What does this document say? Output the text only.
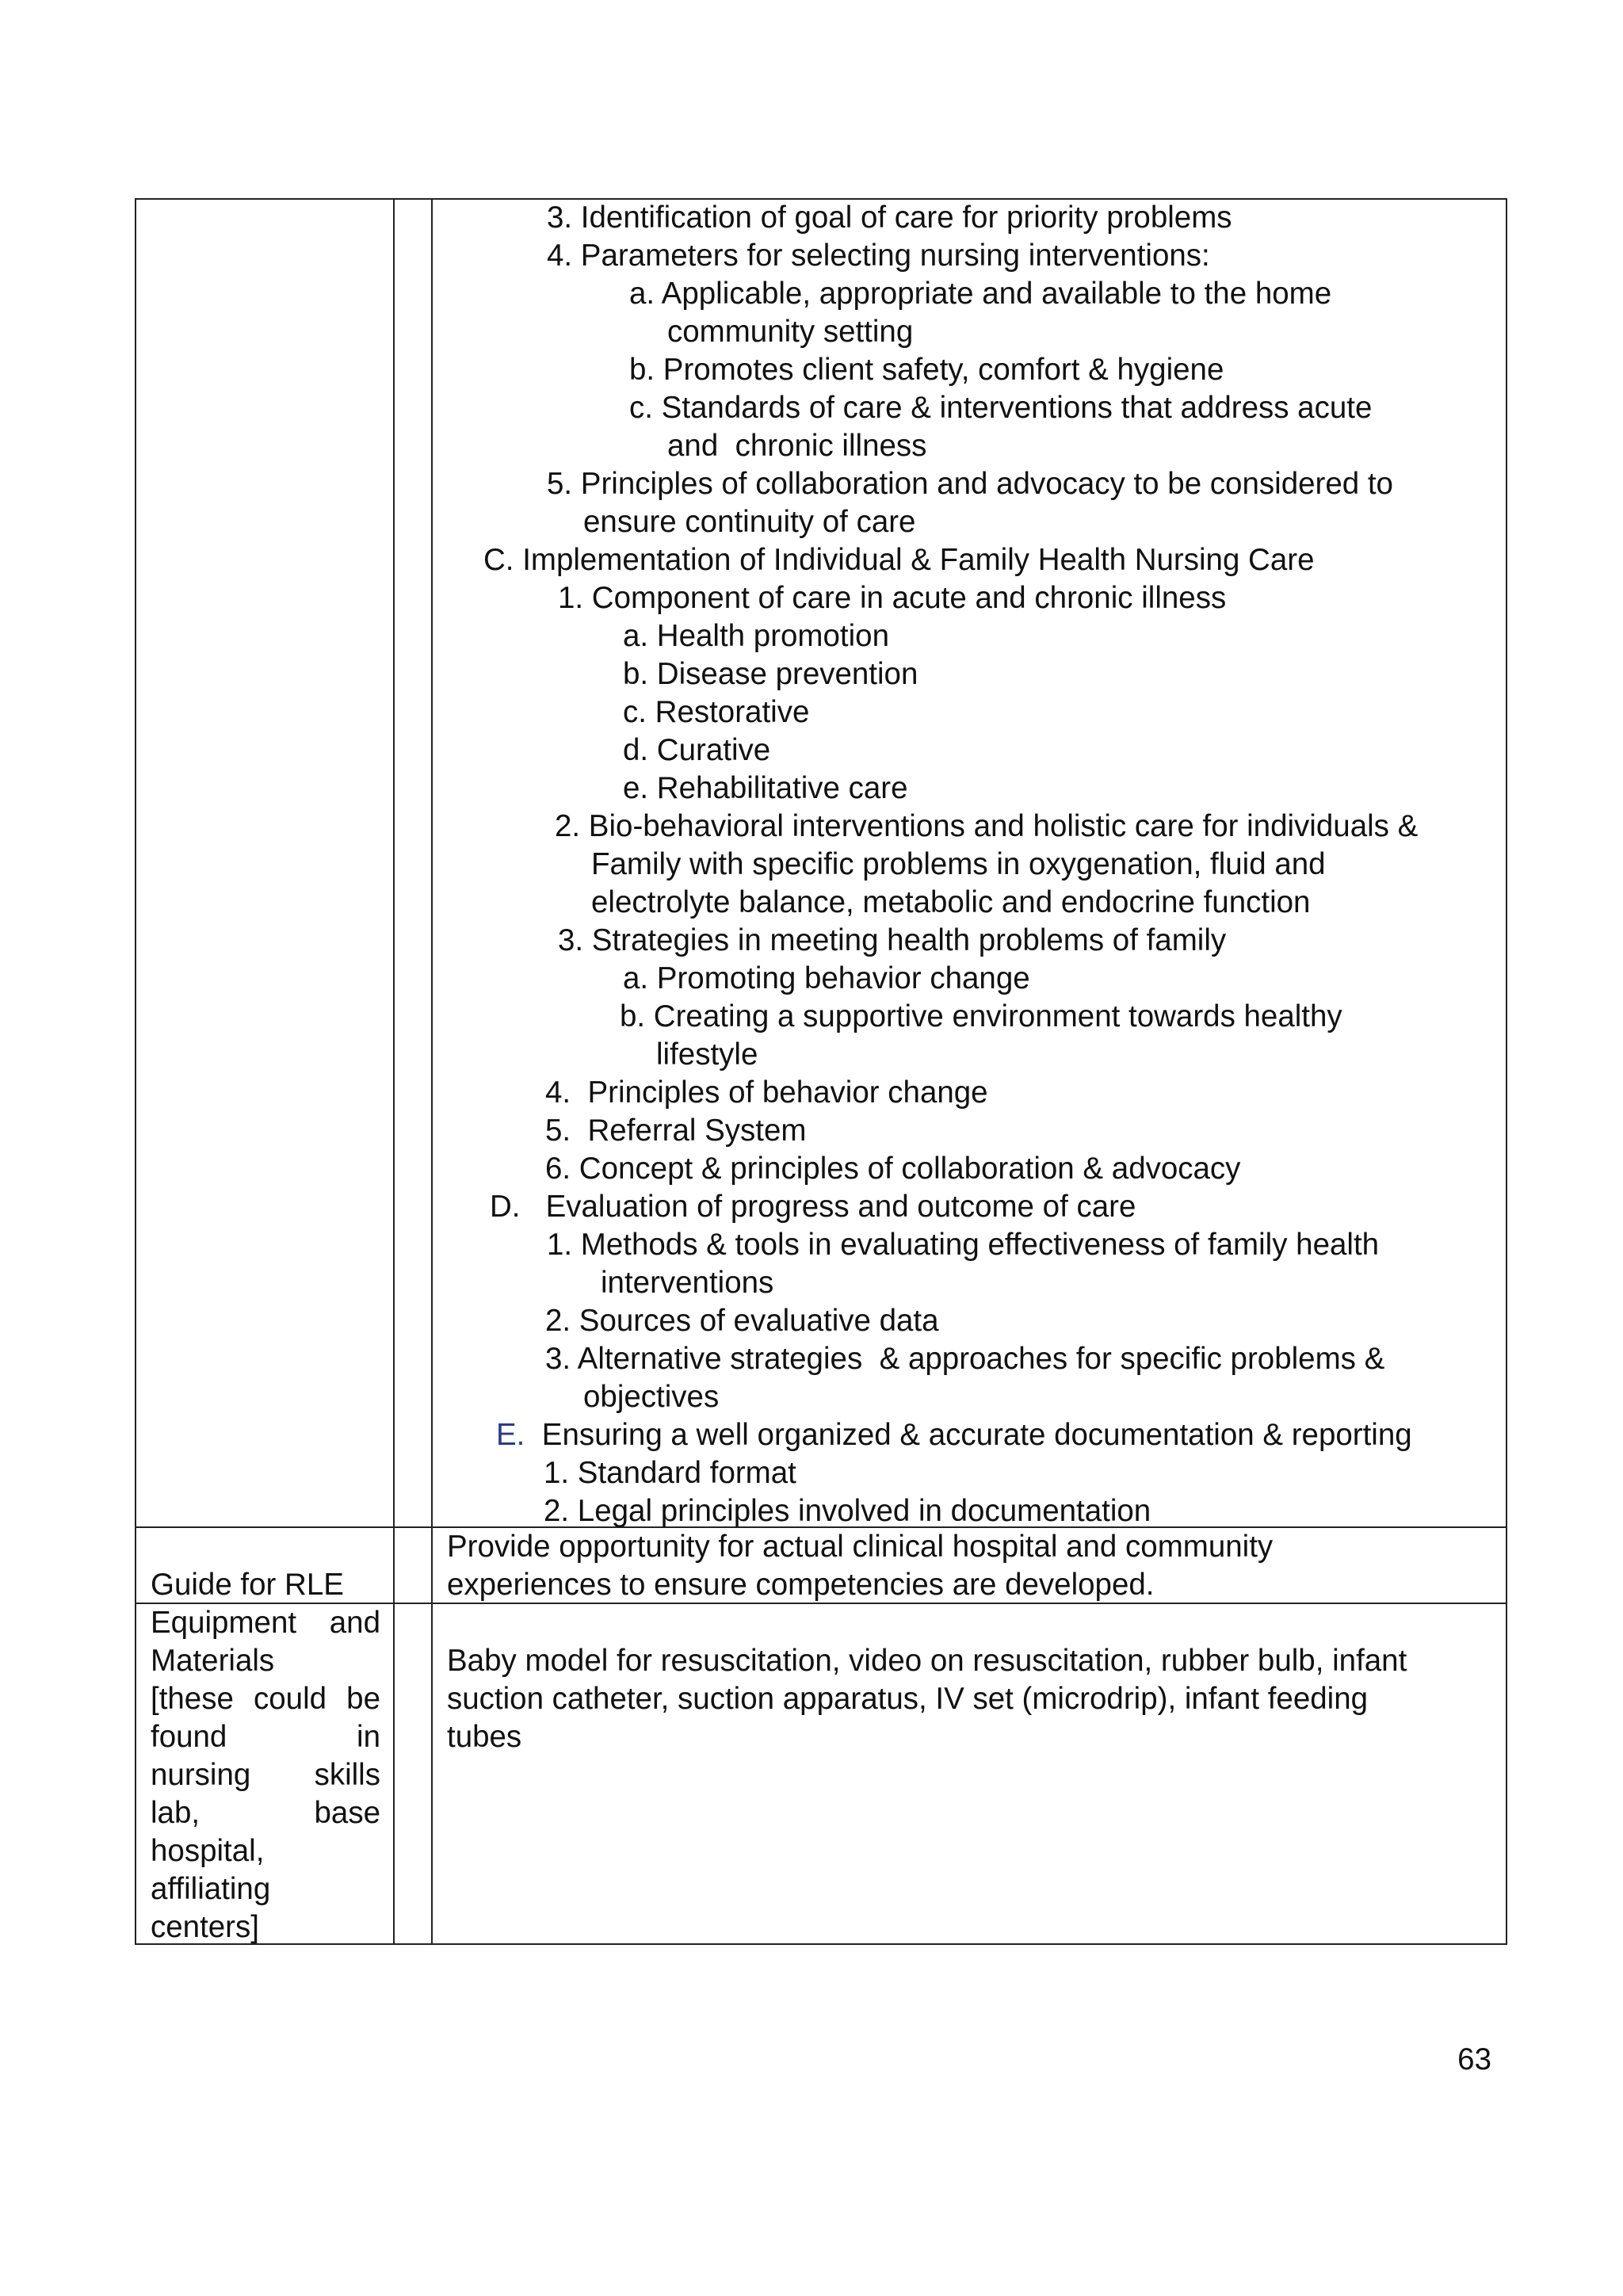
3. Identification of goal of care for priority problems
4. Parameters for selecting nursing interventions:
a. Applicable, appropriate and available to the home
community setting
b. Promotes client safety, comfort & hygiene
c. Standards of care & interventions that address acute
and  chronic illness
5. Principles of collaboration and advocacy to be considered to
ensure continuity of care
C. Implementation of Individual & Family Health Nursing Care
1. Component of care in acute and chronic illness
a. Health promotion
b. Disease prevention
c. Restorative
d. Curative
e. Rehabilitative care
2. Bio-behavioral interventions and holistic care for individuals &
Family with specific problems in oxygenation, fluid and
electrolyte balance, metabolic and endocrine function
3. Strategies in meeting health problems of family
a. Promoting behavior change
b. Creating a supportive environment towards healthy
lifestyle
4.  Principles of behavior change
5.  Referral System
6. Concept & principles of collaboration & advocacy
D.   Evaluation of progress and outcome of care
1. Methods & tools in evaluating effectiveness of family health
interventions
2. Sources of evaluative data
3. Alternative strategies  & approaches for specific problems &
objectives
E.  Ensuring a well organized & accurate documentation & reporting
1. Standard format
2. Legal principles involved in documentation
Guide for RLE
Provide opportunity for actual clinical hospital and community
experiences to ensure competencies are developed.
Equipment and
Materials
[these could be
found	in
nursing skills
lab,	base
hospital,
affiliating
centers]
Baby model for resuscitation, video on resuscitation, rubber bulb, infant
suction catheter, suction apparatus, IV set (microdrip), infant feeding
tubes
63
